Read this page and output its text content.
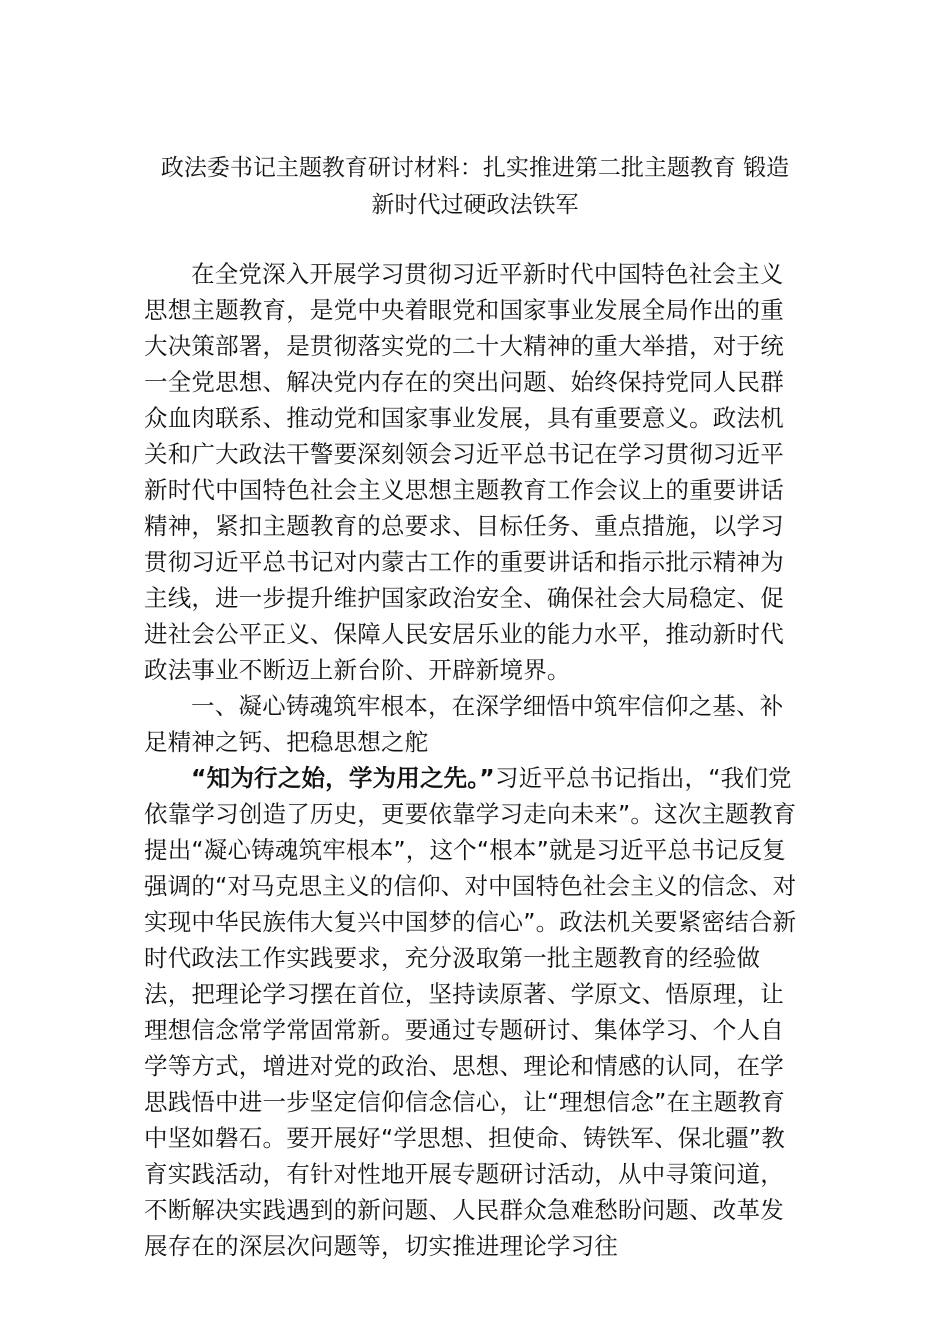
政法委书记主题教育研讨材料：扎实推进第二批主题教育 锻造
新时代过硬政法铁军

在全党深入开展学习贯彻习近平新时代中国特色社会主义思想主题教育，是党中央着眼党和国家事业发展全局作出的重大决策部署，是贯彻落实党的二十大精神的重大举措，对于统一全党思想、解决党内存在的突出问题、始终保持党同人民群众血肉联系、推动党和国家事业发展，具有重要意义。政法机关和广大政法干警要深刻领会习近平总书记在学习贯彻习近平新时代中国特色社会主义思想主题教育工作会议上的重要讲话精神，紧扣主题教育的总要求、目标任务、重点措施，以学习贯彻习近平总书记对内蒙古工作的重要讲话和指示批示精神为主线，进一步提升维护国家政治安全、确保社会大局稳定、促进社会公平正义、保障人民安居乐业的能力水平，推动新时代政法事业不断迈上新台阶、开辟新境界。

一、凝心铸魂筑牢根本，在深学细悟中筑牢信仰之基、补足精神之钙、把稳思想之舵

“知为行之始，学为用之先。”习近平总书记指出，“我们党依靠学习创造了历史，更要依靠学习走向未来”。这次主题教育提出“凝心铸魂筑牢根本”，这个“根本”就是习近平总书记反复强调的“对马克思主义的信仰、对中国特色社会主义的信念、对实现中华民族伟大复兴中国梦的信心”。政法机关要紧密结合新时代政法工作实践要求，充分汲取第一批主题教育的经验做法，把理论学习摆在首位，坚持读原著、学原文、悟原理，让理想信念常学常固常新。要通过专题研讨、集体学习、个人自学等方式，增进对党的政治、思想、理论和情感的认同，在学思践悟中进一步坚定信仰信念信心，让“理想信念”在主题教育中坚如磐石。要开展好“学思想、担使命、铸铁军、保北疆”教育实践活动，有针对性地开展专题研讨活动，从中寻策问道，不断解决实践遇到的新问题、人民群众急难愁盼问题、改革发展存在的深层次问题等，切实推进理论学习往
